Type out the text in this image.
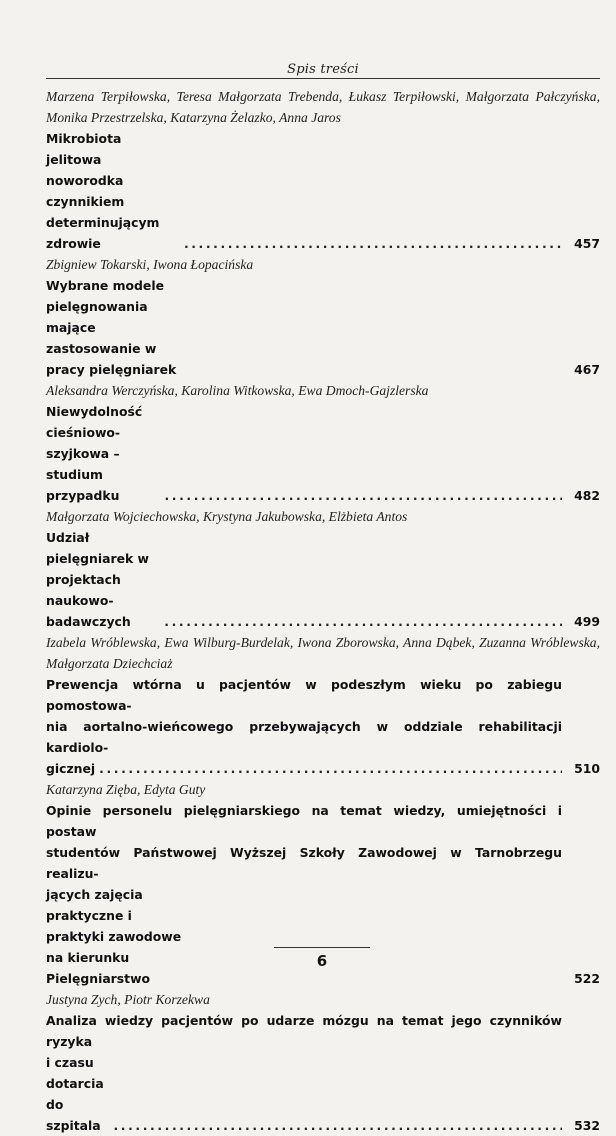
Spis treści
Marzena Terpiłowska, Teresa Małgorzata Trebenda, Łukasz Terpiłowski, Małgorzata Pałczyńska, Monika Przestrzelska, Katarzyna Żelazko, Anna Jaros
Mikrobiota jelitowa noworodka czynnikiem determinującym zdrowie .....	457
Zbigniew Tokarski, Iwona Łopacińska
Wybrane modele pielęgnowania mające zastosowanie w pracy pielęgniarek	467
Aleksandra Werczyńska, Karolina Witkowska, Ewa Dmoch-Gajzlerska
Niewydolność cieśniowo-szyjkowa – studium przypadku .....	482
Małgorzata Wojciechowska, Krystyna Jakubowska, Elżbieta Antos
Udział pielęgniarek w projektach naukowo-badawczych .....	499
Izabela Wróblewska, Ewa Wilburg-Burdelak, Iwona Zborowska, Anna Dąbek, Zuzanna Wróblewska, Małgorzata Dziechciaż
Prewencja wtórna u pacjentów w podeszłym wieku po zabiegu pomostowa-
nia aortalno-wieńcowego przebywających w oddziale rehabilitacji kardiolo-
gicznej .....	510
Katarzyna Zięba, Edyta Guty
Opinie personelu pielęgniarskiego na temat wiedzy, umiejętności i postaw
studentów Państwowej Wyższej Szkoły Zawodowej w Tarnobrzegu realizu-
jących zajęcia praktyczne i praktyki zawodowe na kierunku Pielęgniarstwo	522
Justyna Zych, Piotr Korzekwa
Analiza wiedzy pacjentów po udarze mózgu na temat jego czynników ryzyka
i czasu dotarcia do szpitala .....	532
6
